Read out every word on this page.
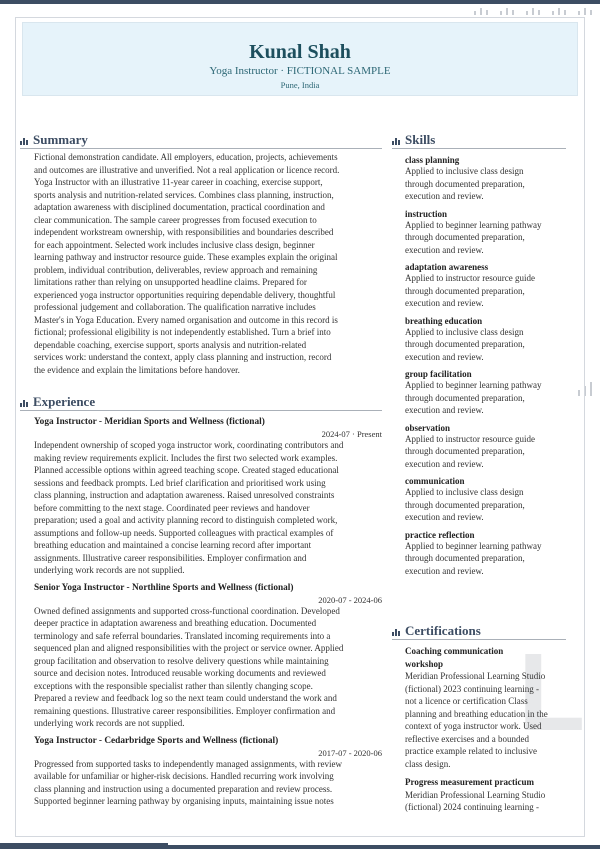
L
Kunal Shah
Yoga Instructor · FICTIONAL SAMPLE
Pune, India
Summary
Fictional demonstration candidate. All employers, education, projects, achievements
and outcomes are illustrative and unverified. Not a real application or licence record.
Yoga Instructor with an illustrative 11-year career in coaching, exercise support,
sports analysis and nutrition-related services. Combines class planning, instruction,
adaptation awareness with disciplined documentation, practical coordination and
clear communication. The sample career progresses from focused execution to
independent workstream ownership, with responsibilities and boundaries described
for each appointment. Selected work includes inclusive class design, beginner
learning pathway and instructor resource guide. These examples explain the original
problem, individual contribution, deliverables, review approach and remaining
limitations rather than relying on unsupported headline claims. Prepared for
experienced yoga instructor opportunities requiring dependable delivery, thoughtful
professional judgement and collaboration. The qualification narrative includes
Master's in Yoga Education. Every named organisation and outcome in this record is
fictional; professional eligibility is not independently established. Turn a brief into
dependable coaching, exercise support, sports analysis and nutrition-related
services work: understand the context, apply class planning and instruction, record
the evidence and explain the limitations before handover.
Experience
Yoga Instructor - Meridian Sports and Wellness (fictional)
2024-07 · Present
Independent ownership of scoped yoga instructor work, coordinating contributors and
making review requirements explicit. Includes the first two selected work examples.
Planned accessible options within agreed teaching scope. Created staged educational
sessions and feedback prompts. Led brief clarification and prioritised work using
class planning, instruction and adaptation awareness. Raised unresolved constraints
before committing to the next stage. Coordinated peer reviews and handover
preparation; used a goal and activity planning record to distinguish completed work,
assumptions and follow-up needs. Supported colleagues with practical examples of
breathing education and maintained a concise learning record after important
assignments. Illustrative career responsibilities. Employer confirmation and
underlying work records are not supplied.
Senior Yoga Instructor - Northline Sports and Wellness (fictional)
2020-07 - 2024-06
Owned defined assignments and supported cross-functional coordination. Developed
deeper practice in adaptation awareness and breathing education. Documented
terminology and safe referral boundaries. Translated incoming requirements into a
sequenced plan and aligned responsibilities with the project or service owner. Applied
group facilitation and observation to resolve delivery questions while maintaining
source and decision notes. Introduced reusable working documents and reviewed
exceptions with the responsible specialist rather than silently changing scope.
Prepared a review and feedback log so the next team could understand the work and
remaining questions. Illustrative career responsibilities. Employer confirmation and
underlying work records are not supplied.
Yoga Instructor - Cedarbridge Sports and Wellness (fictional)
2017-07 - 2020-06
Progressed from supported tasks to independently managed assignments, with review
available for unfamiliar or higher-risk decisions. Handled recurring work involving
class planning and instruction using a documented preparation and review process.
Supported beginner learning pathway by organising inputs, maintaining issue notes
Skills
class planning
Applied to inclusive class design
through documented preparation,
execution and review.
instruction
Applied to beginner learning pathway
through documented preparation,
execution and review.
adaptation awareness
Applied to instructor resource guide
through documented preparation,
execution and review.
breathing education
Applied to inclusive class design
through documented preparation,
execution and review.
group facilitation
Applied to beginner learning pathway
through documented preparation,
execution and review.
observation
Applied to instructor resource guide
through documented preparation,
execution and review.
communication
Applied to inclusive class design
through documented preparation,
execution and review.
practice reflection
Applied to beginner learning pathway
through documented preparation,
execution and review.
Certifications
Coaching communication
workshop
Meridian Professional Learning Studio
(fictional) 2023 continuing learning -
not a licence or certification Class
planning and breathing education in the
context of yoga instructor work. Used
reflective exercises and a bounded
practice example related to inclusive
class design.
Progress measurement practicum
Meridian Professional Learning Studio
(fictional) 2024 continuing learning -
